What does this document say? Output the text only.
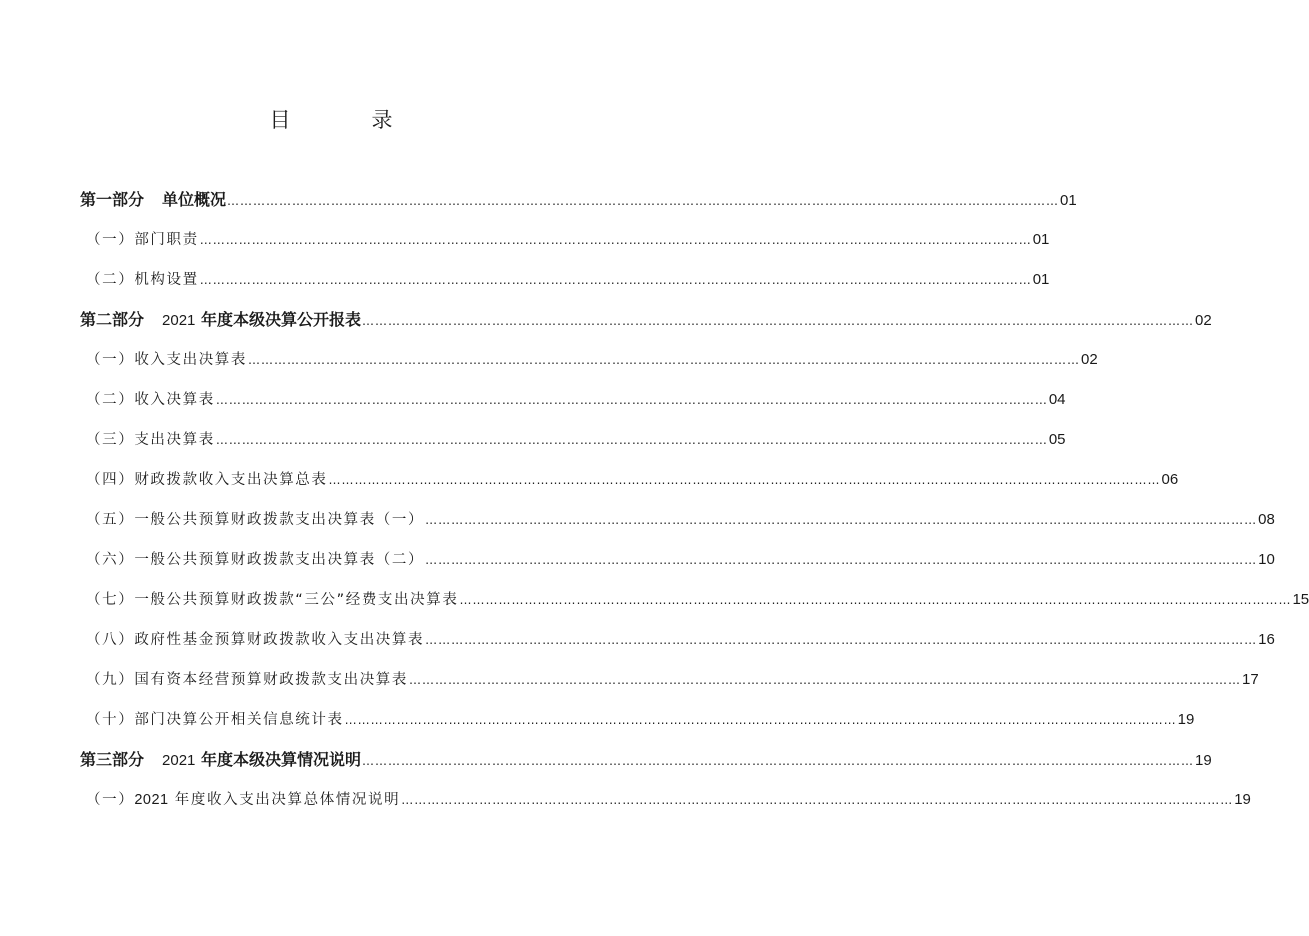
目　录
第一部分 单位概况 ………………………………………………………………………………………………………………………………………………………………………… 01
（一）部门职责 ………………………………………………………………………………………………………………………………………………………………………… 01
（二）机构设置 ………………………………………………………………………………………………………………………………………………………………………… 01
第二部分 2021 年度本级决算公开报表 ………………………………………………………………………………………………………………………………………………………………………… 02
（一）收入支出决算表 ………………………………………………………………………………………………………………………………………………………………………… 02
（二）收入决算表 ………………………………………………………………………………………………………………………………………………………………………… 04
（三）支出决算表 ………………………………………………………………………………………………………………………………………………………………………… 05
（四）财政拨款收入支出决算总表 ………………………………………………………………………………………………………………………………………………………………………… 06
（五）一般公共预算财政拨款支出决算表（一） ………………………………………………………………………………………………………………………………………………………………………… 08
（六）一般公共预算财政拨款支出决算表（二） ………………………………………………………………………………………………………………………………………………………………………… 10
（七）一般公共预算财政拨款“三公”经费支出决算表 ………………………………………………………………………………………………………………………………………………………………………… 15
（八）政府性基金预算财政拨款收入支出决算表 ………………………………………………………………………………………………………………………………………………………………………… 16
（九）国有资本经营预算财政拨款支出决算表 ………………………………………………………………………………………………………………………………………………………………………… 17
（十）部门决算公开相关信息统计表 ………………………………………………………………………………………………………………………………………………………………………… 19
第三部分 2021 年度本级决算情况说明 ………………………………………………………………………………………………………………………………………………………………………… 19
（一）2021 年度收入支出决算总体情况说明 ………………………………………………………………………………………………………………………………………………………………………… 19
